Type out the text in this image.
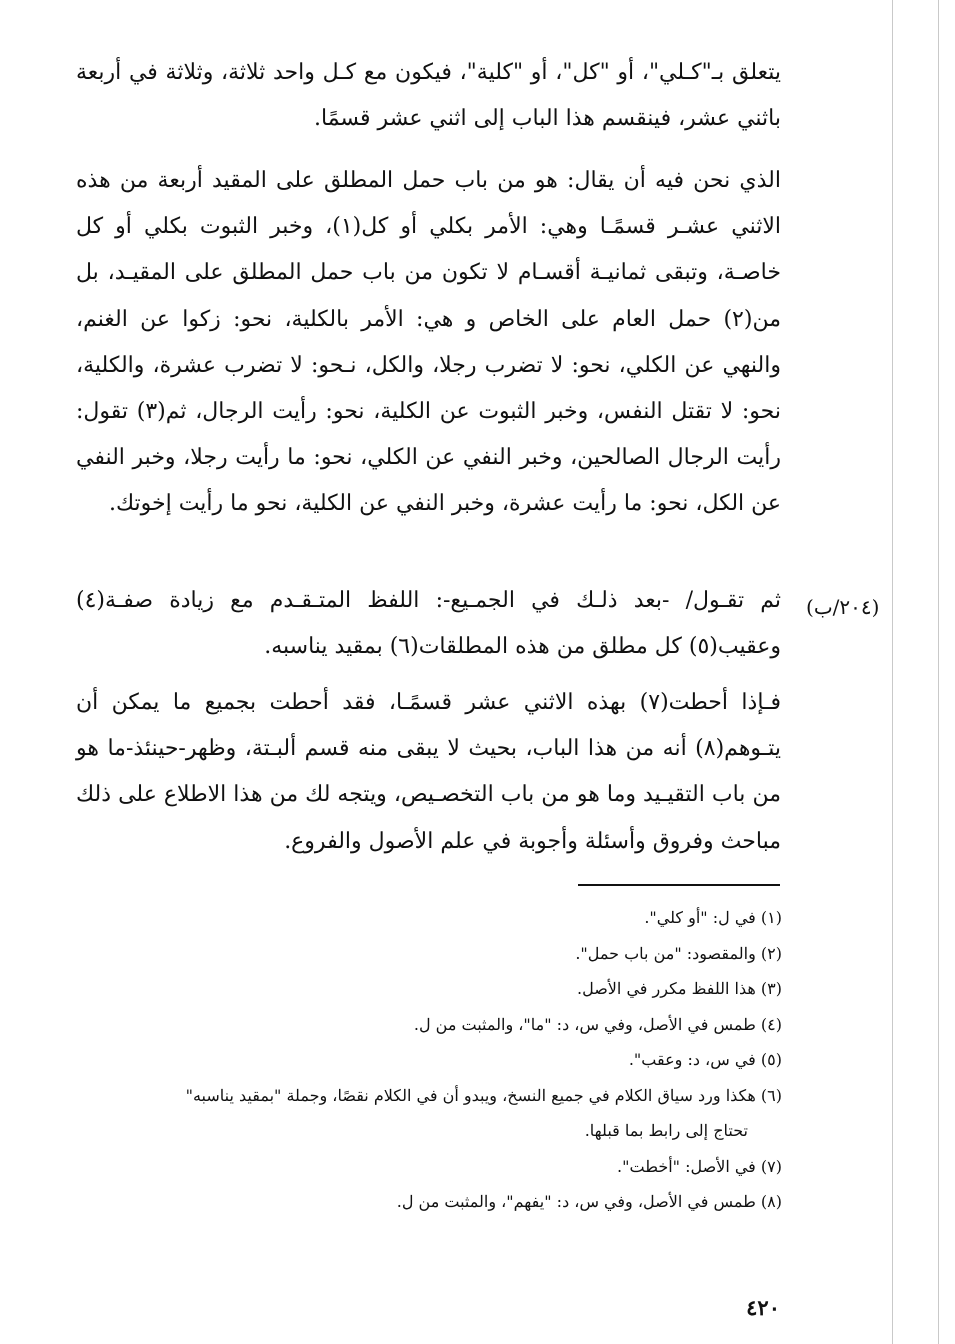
يتعلق بـ"كـلي"، أو "كل"، أو "كلية"، فيكون مع كـل واحد ثلاثة، وثلاثة في أربعة باثني عشر، فينقسم هذا الباب إلى اثني عشر قسمًا.

الذي نحن فيه أن يقال: هو من باب حمل المطلق على المقيد أربعة من هذه الاثني عشـر قسمًـا وهي: الأمر بكلي أو كل(١)، وخبر الثبوت بكلي أو كل خاصـة، وتبقى ثمانيـة أقسـام لا تكون من باب حمل المطلق على المقيـد، بل من(٢) حمل العام على الخاص و هي: الأمر بالكلية، نحو: زكوا عن الغنم، والنهي عن الكلي، نحو: لا تضرب رجلا، والكل، نـحو: لا تضرب عشرة، والكلية، نحو: لا تقتل النفس، وخبر الثبوت عن الكلية، نحو: رأيت الرجال، ثم(٣) تقول: رأيت الرجال الصالحين، وخبر النفي عن الكلي، نحو: ما رأيت رجلا، وخبر النفي عن الكل، نحو: ما رأيت عشرة، وخبر النفي عن الكلية، نحو ما رأيت إخوتك.

ثم تقـول/ -بعد ذلـك في الجمـيع-: اللفظ المتـقـدم مع زيادة صفـة(٤) وعقيب(٥) كل مطلق من هذه المطلقات(٦) بمقيد يناسبه.

فـإذا أحطت(٧) بهذه الاثني عشر قسمًـا، فقد أحطت بجميع ما يمكن أن يتـوهم(٨) أنه من هذا الباب، بحيث لا يبقى منه قسم ألبـتة، وظهر-حينئذ-ما هو من باب التقيـيد وما هو من باب التخصـيص، ويتجه لك من هذا الاطلاع على ذلك مباحث وفروق وأسئلة وأجوبة في علم الأصول والفروع.

(٢٠٤/ب)

(١) في ل: "أو كلي".

(٢) والمقصود: "من باب حمل".

(٣) هذا اللفظ مكرر في الأصل.

(٤) طمس في الأصل، وفي س، د: "ما"، والمثبت من ل.

(٥) في س، د: وعقب".

(٦) هكذا ورد سياق الكلام في جميع النسخ، ويبدو أن في الكلام نقصًا، وجملة "بمقيد يناسبه"

تحتاج إلى رابط بما قبلها.

(٧) في الأصل: "أخطت".

(٨) طمس في الأصل، وفي س، د: "يفهم"، والمثبت من ل.

٤٢٠
